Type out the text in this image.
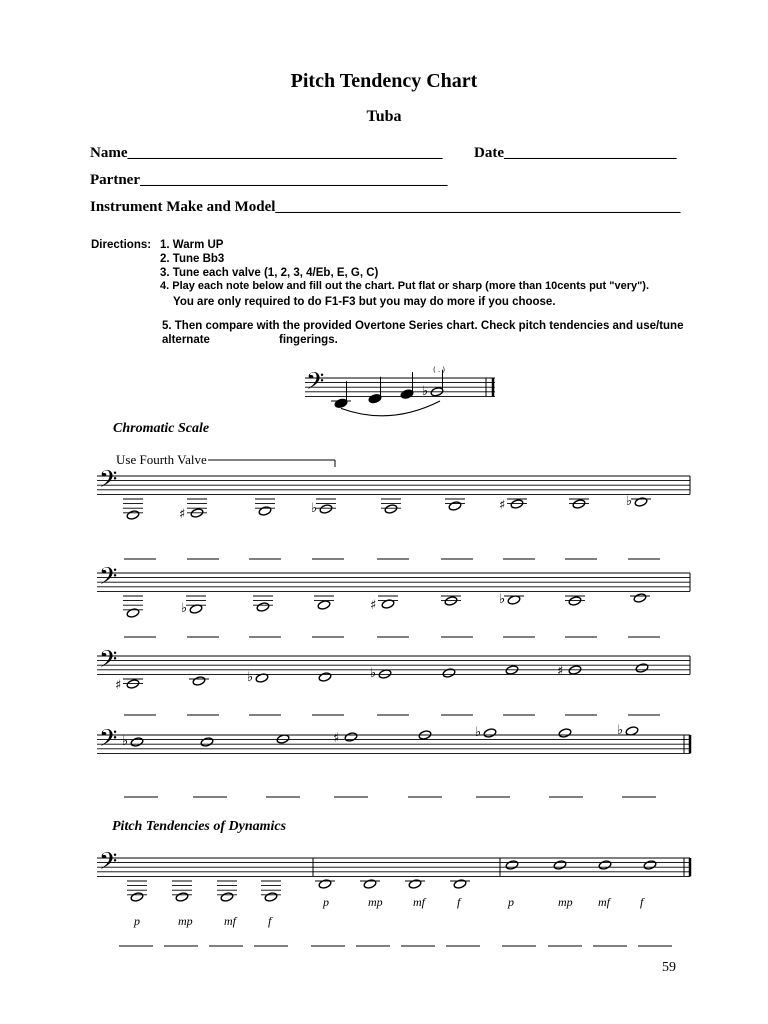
Pitch Tendency Chart
Tuba
Name__________________________________________ Date_______________________
Partner_________________________________________
Instrument Make and Model______________________________________________________
Directions: 1. Warm UP
2. Tune Bb3
3. Tune each valve (1, 2, 3, 4/Eb, E, G, C)
4. Play each note below and fill out the chart. Put flat or sharp (more than 10cents put "very").
You are only required to do F1-F3 but you may do more if you choose.
5. Then compare with the provided Overtone Series chart. Check pitch tendencies and use/tune
alternate	fingerings.
Chromatic Scale
Use Fourth Valve
Pitch Tendencies of Dynamics
59
𝄢	♭
( . )
𝄢
♯	♭	♯	♭
𝄢
♭	♯	♭
𝄢
♯
♭	♭	♯
𝄢 ♭	♯	♭	♭
𝄢
p	mp	mf	f
p	mp	mf	f	p	mp mf	f
